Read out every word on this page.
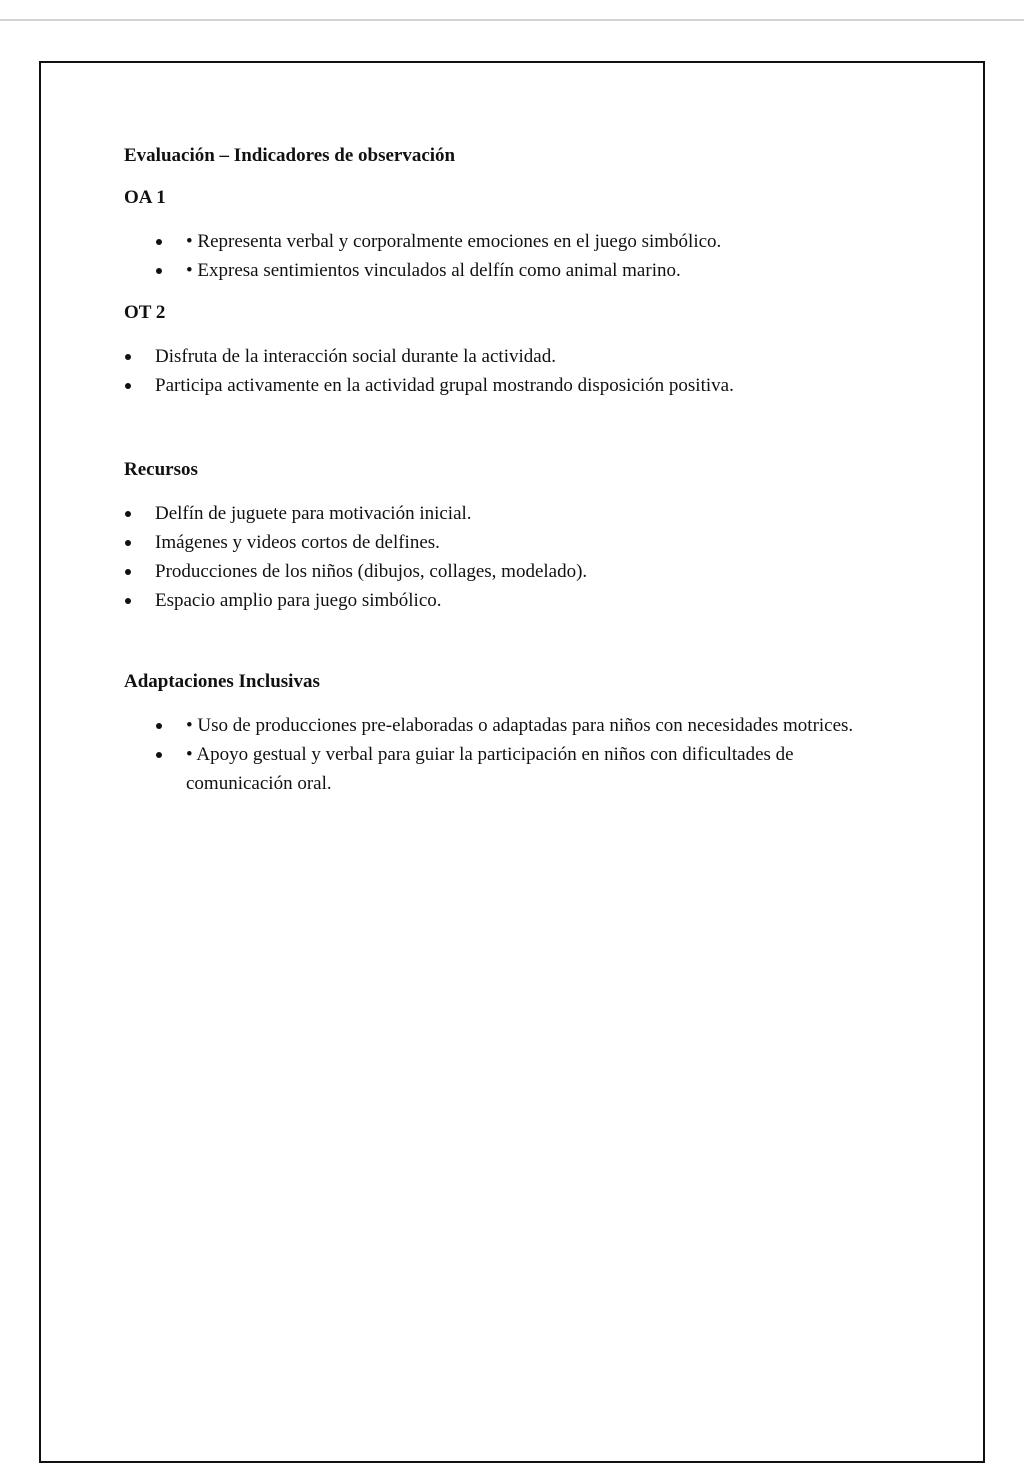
Evaluación – Indicadores de observación

OA 1

• Representa verbal y corporalmente emociones en el juego simbólico.
• Expresa sentimientos vinculados al delfín como animal marino.

OT 2

Disfruta de la interacción social durante la actividad.
Participa activamente en la actividad grupal mostrando disposición positiva.

Recursos

Delfín de juguete para motivación inicial.
Imágenes y videos cortos de delfines.
Producciones de los niños (dibujos, collages, modelado).
Espacio amplio para juego simbólico.

Adaptaciones Inclusivas

• Uso de producciones pre-elaboradas o adaptadas para niños con necesidades motrices.
• Apoyo gestual y verbal para guiar la participación en niños con dificultades de comunicación oral.
